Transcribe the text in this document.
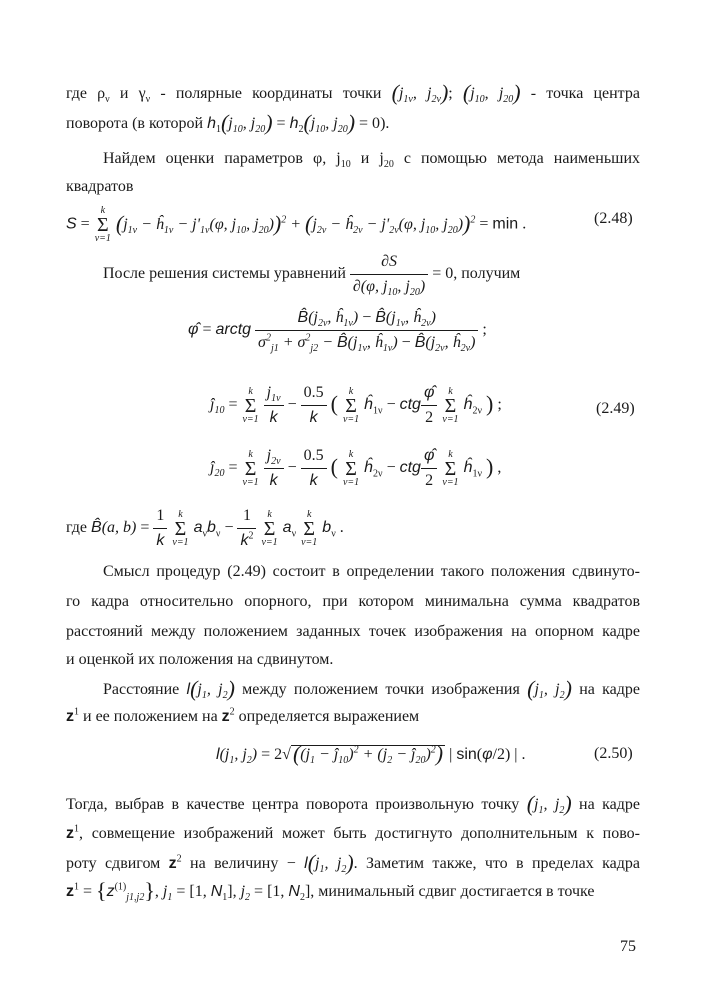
где $\rho_\nu$ и $\gamma_\nu$ - полярные координаты точки ($j_{1\nu}$, $j_{2\nu}$); ($j_{10}$, $j_{20}$) - точка центра
поворота (в которой $h_1(j_{10}$, $j_{20}) = h_2(j_{10}$, $j_{20}) = 0$).
Найдем оценки параметров φ, $j_{10}$ и $j_{20}$ с помощью метода наименьших
квадратов
S =
k
Σ
ν=1
($j_{1\nu}$ − $ĥ_{1\nu} - j'_{1\nu}(\varphi$, $j_{10}$, $j_{20}))^2 + (j_{2\nu}$ − $ĥ_{2\nu} - j'_{2\nu}(\varphi$, $j_{10}$, $j_{20}))^2 = \min$ .	(2.48)
После решения системы уравнений $\frac{\partial S}{\partial(\varphi, j_{10}, j_{20})} = 0$, получим
φ̂ = arctg $\frac{B̂(j_{2\nu}, ĥ_{1\nu}) - B̂(j_{1\nu}, ĥ_{2\nu})}{\sigma^2_{j1} + \sigma^2_{j2} - B̂(j_{1\nu}, ĥ_{1\nu}) - B̂(j_{2\nu}, ĥ_{2\nu})}$ ;
$ĵ_{10}$ =
k
Σ
ν=1
$\frac{j_{1\nu}}{k} - \frac{0.5}{k}$ (
k
Σ
ν=1
$ĥ_{1\nu}$ − ctg $\frac{\varphî}{2}$
	k
Σ
ν=1
$ĥ_{2\nu}$ ) ;	(2.49)
$ĵ_{20}$ =
k
Σ
ν=1
$\frac{j_{2\nu}}{k} - \frac{0.5}{k}$ (
k
Σ
ν=1
$ĥ_{2\nu}$ − ctg $\frac{\varphî}{2}$
	k
Σ
ν=1
$ĥ_{1\nu}$ ) ,
где B̂(a, $b) = \frac{1}{k}$
	k
Σ
ν=1
$a_\nu b_\nu - \frac{1}{k^2}$
	k
Σ
ν=1
$a_\nu$
k
Σ
ν=1
$b_\nu$ .
Смысл процедур (2.49) состоит в определении такого положения сдвинуто-
го кадра относительно опорного, при котором минимальна сумма квадратов
расстояний между положением заданных точек изображения на опорном кадре
и оценкой их положения на сдвинутом.
Расстояние $l(j_1$, $j_2$) между положением точки изображения ($j_1$, $j_2$) на кадре
$z^1$ и ее положением на $z^2$ определяется выражением
$l(j_1$, $j_2) = 2√((j_1$ − $ĵ_{10})^2 + (j_2$ − $ĵ_{20})^2$) | sin(φ/2) | .	(2.50)
Тогда, выбрав в качестве центра поворота произвольную точку ($j_1$, $j_2$) на кадре
$z^1$, совмещение изображений может быть достигнуто дополнительным к пово-
роту сдвигом $z^2$ на величину − $l(j_1$, $j_2$). Заметим также, что в пределах кадра
$z^1 = \{z^{(1)}_{j1,j2}\}$, $j_1 = [1$, $N_1$], $j_2 = [1$, $N_2$], минимальный сдвиг достигается в точке
75
